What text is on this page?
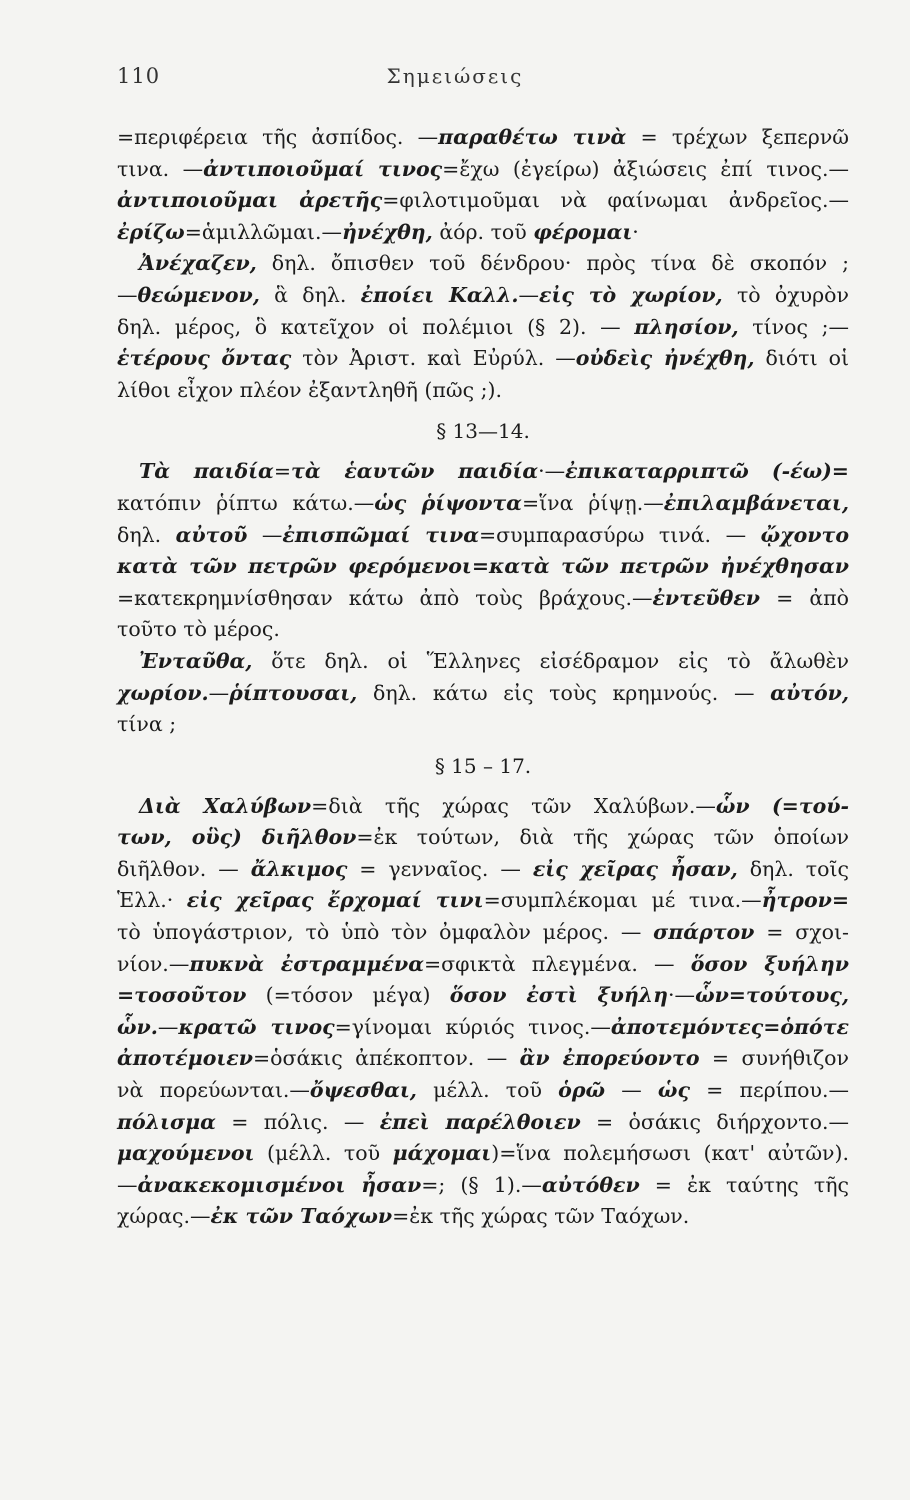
Σημειώσεις
110
=περιφέρεια τῆς ἀσπίδος. —παραθέτω τινὰ = τρέχων ξεπερνῶ
τινα. —ἀντιποιοῦμαί τινος=ἔχω (ἐγείρω) ἀξιώσεις ἐπί τινος.—
ἀντιποιοῦμαι ἀρετῆς=φιλοτιμοῦμαι νὰ φαίνωμαι ἀνδρεῖος.—
ἐρίζω=ἁμιλλῶμαι.—ἠνέχθη, ἀόρ. τοῦ φέρομαι·
Ἀνέχαζεν, δηλ. ὄπισθεν τοῦ δένδρου· πρὸς τίνα δὲ σκοπόν ;
—θεώμενον, ἃ δηλ. ἐποίει Καλλ.—εἰς τὸ χωρίον, τὸ ὀχυρὸν
δηλ. μέρος, ὃ κατεῖχον οἱ πολέμιοι (§ 2). — πλησίον, τίνος ;—
ἑτέρους ὄντας τὸν Ἀριστ. καὶ Εὐρύλ. —οὐδεὶς ἠνέχθη, διότι οἱ
λίθοι εἶχον πλέον ἐξαντληθῆ (πῶς ;).
§ 13—14.
Τὰ παιδία=τὰ ἑαυτῶν παιδία·—ἐπικαταρριπτῶ (-έω)=
κατόπιν ῥίπτω κάτω.—ὡς ῥίψοντα=ἵνα ῥίψῃ.—ἐπιλαμβάνεται,
δηλ. αὐτοῦ —ἐπισπῶμαί τινα=συμπαρασύρω τινά. — ᾤχοντο
κατὰ τῶν πετρῶν φερόμενοι=κατὰ τῶν πετρῶν ἠνέχθησαν
=κατεκρημνίσθησαν κάτω ἀπὸ τοὺς βράχους.—ἐντεῦθεν = ἀπὸ
τοῦτο τὸ μέρος.
Ἐνταῦθα, ὅτε δηλ. οἱ Ἕλληνες εἰσέδραμον εἰς τὸ ἄλωθὲν
χωρίον.—ῥίπτουσαι, δηλ. κάτω εἰς τοὺς κρημνούς. — αὐτόν,
τίνα ;
§ 15 – 17.
Διὰ Χαλύβων=διὰ τῆς χώρας τῶν Χαλύβων.—ὧν (=τού-
των, οὓς) διῆλθον=ἐκ τούτων, διὰ τῆς χώρας τῶν ὁποίων
διῆλθον. — ἄλκιμος = γενναῖος. — εἰς χεῖρας ἦσαν, δηλ. τοῖς
Ἑλλ.· εἰς χεῖρας ἔρχομαί τινι=συμπλέκομαι μέ τινα.—ἦτρον=
τὸ ὑπογάστριον, τὸ ὑπὸ τὸν ὀμφαλὸν μέρος. — σπάρτον = σχοι-
νίον.—πυκνὰ ἐστραμμένα=σφικτὰ πλεγμένα. — ὅσον ξυήλην
=τοσοῦτον (=τόσον μέγα) ὅσον ἐστὶ ξυήλη·—ὧν=τούτους,
ὧν.—κρατῶ τινος=γίνομαι κύριός τινος.—ἀποτεμόντες=ὁπότε
ἀποτέμοιεν=ὁσάκις ἀπέκοπτον. — ἂν ἐπορεύοντο = συνήθιζον
νὰ πορεύωνται.—ὄψεσθαι, μέλλ. τοῦ ὁρῶ — ὡς = περίπου.—
πόλισμα = πόλις. — ἐπεὶ παρέλθοιεν = ὁσάκις διήρχοντο.—
μαχούμενοι (μέλλ. τοῦ μάχομαι)=ἵνα πολεμήσωσι (κατ' αὐτῶν).
—ἀνακεκομισμένοι ἦσαν=; (§ 1).—αὐτόθεν = ἐκ ταύτης τῆς
χώρας.—ἐκ τῶν Ταόχων=ἐκ τῆς χώρας τῶν Ταόχων.
